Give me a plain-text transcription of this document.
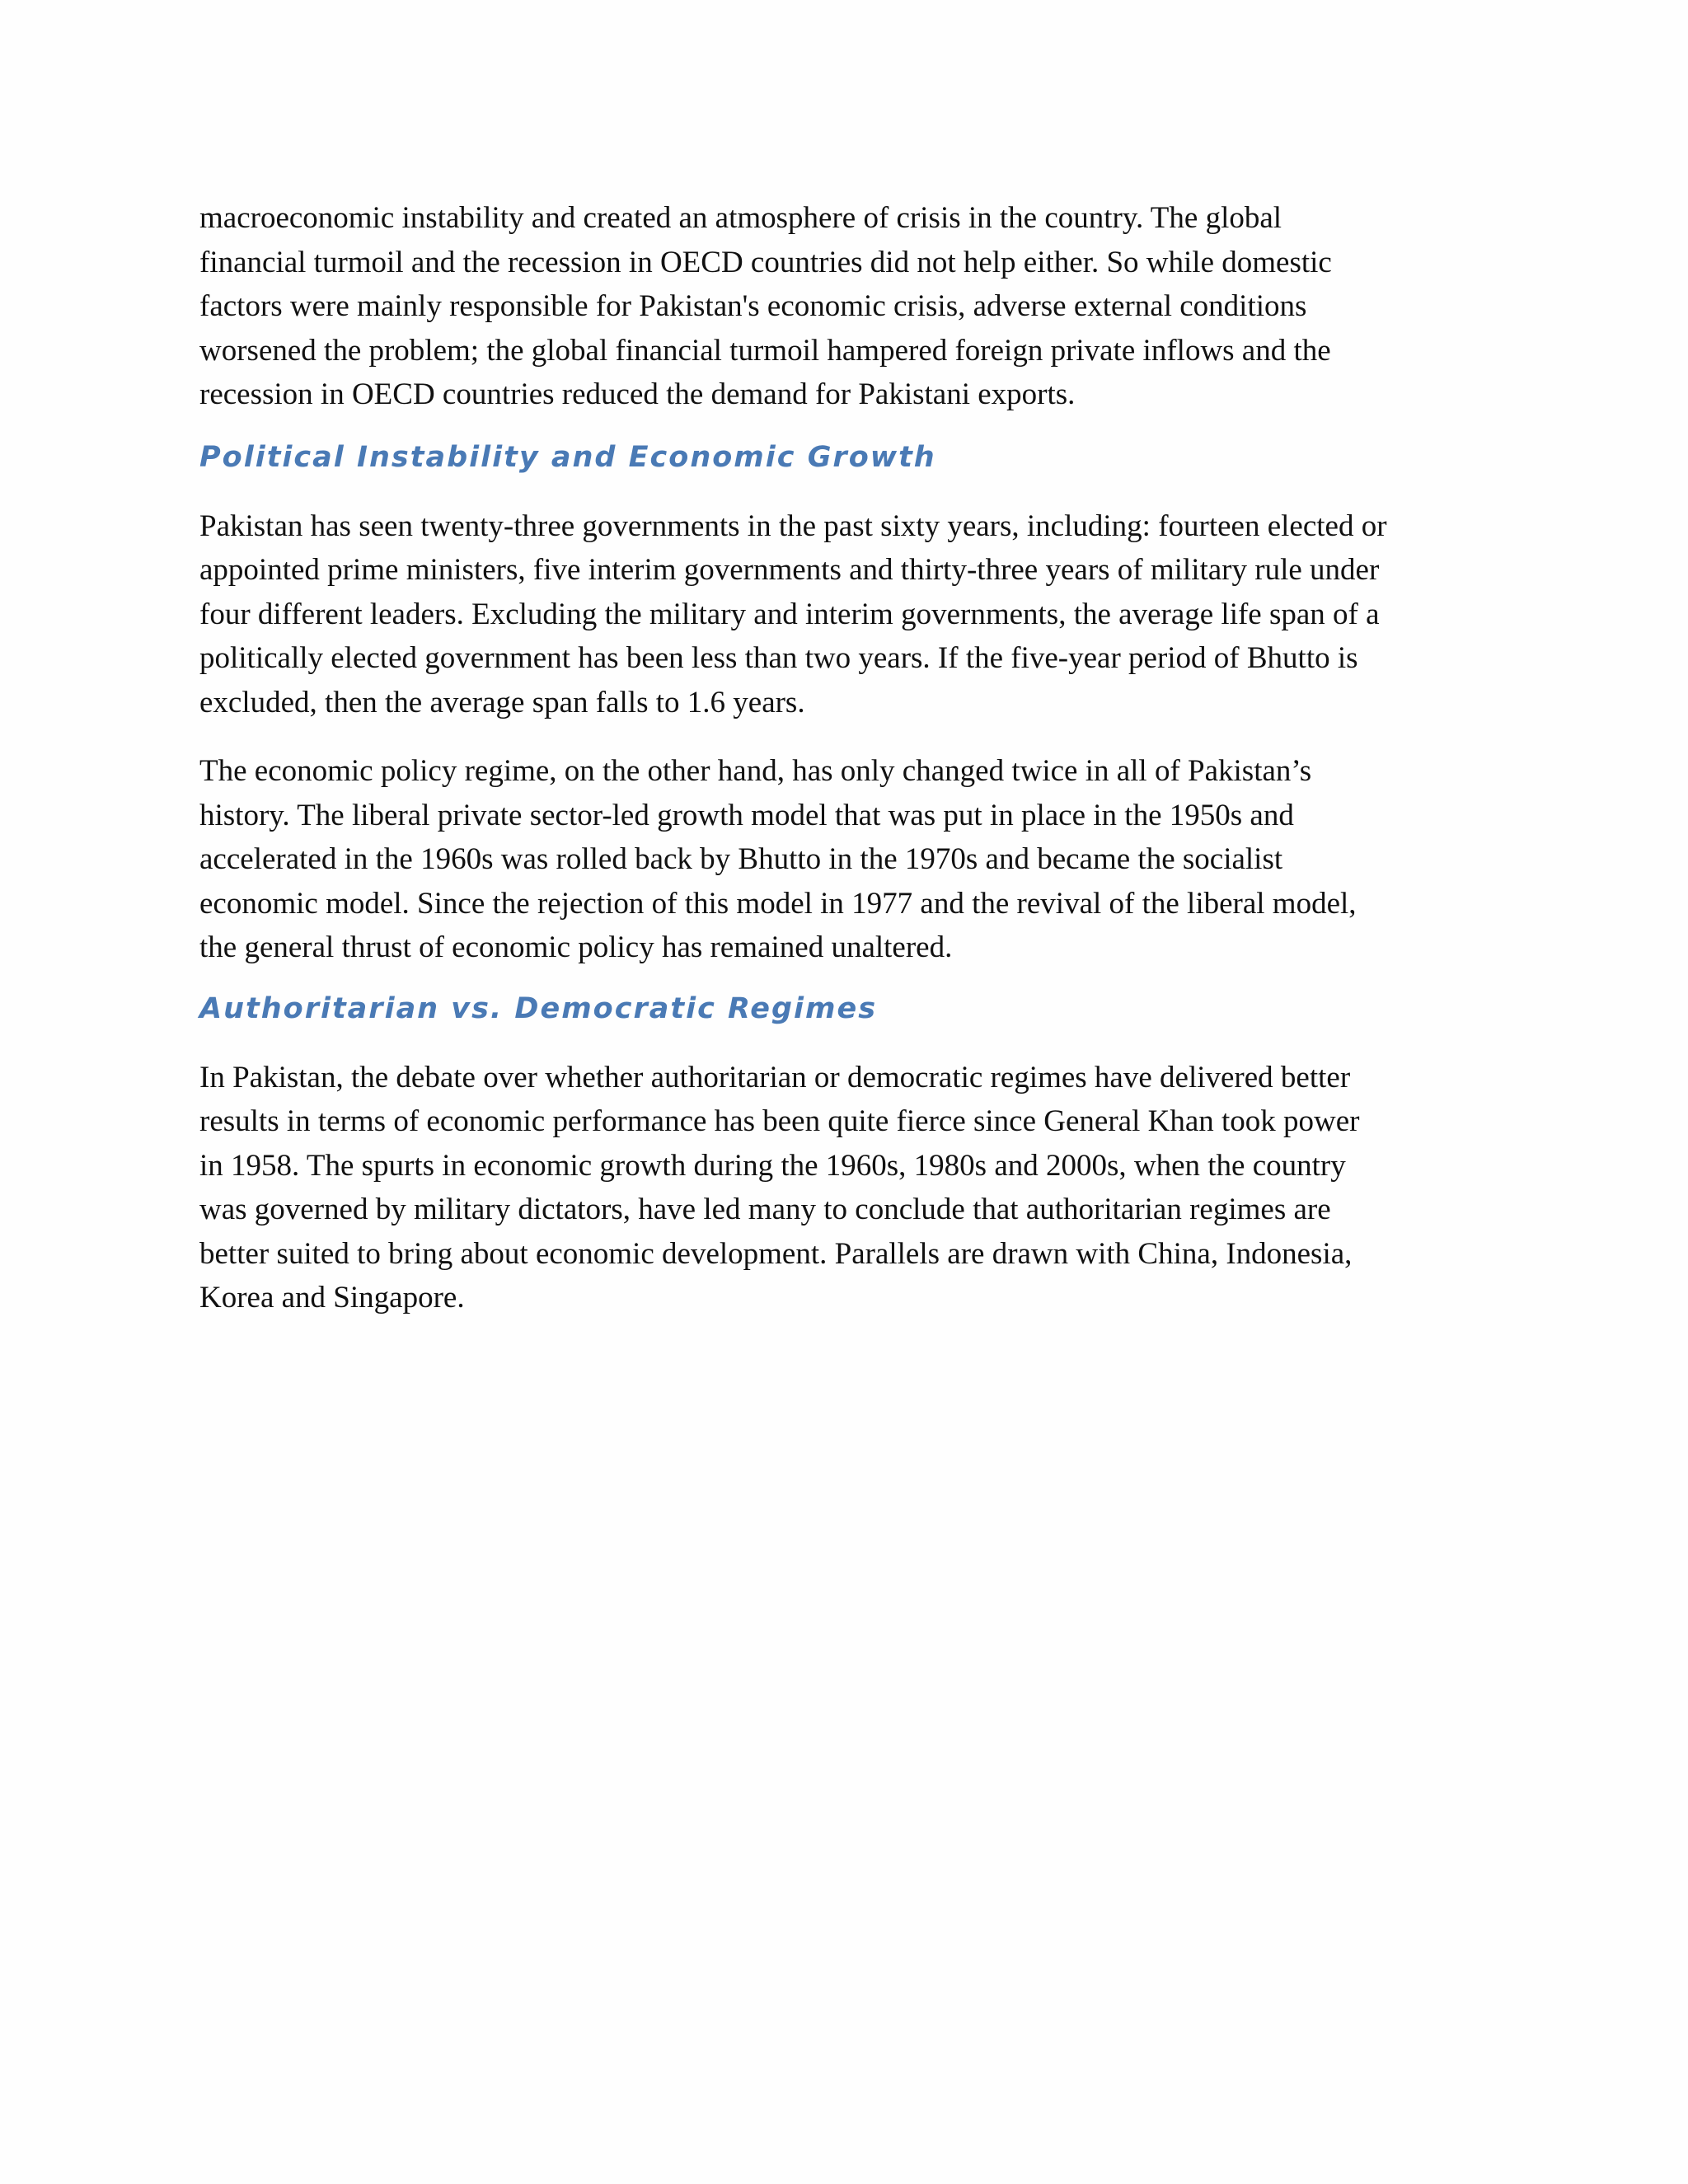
macroeconomic instability and created an atmosphere of crisis in the country. The global
financial turmoil and the recession in OECD countries did not help either. So while domestic
factors were mainly responsible for Pakistan's economic crisis, adverse external conditions
worsened the problem; the global financial turmoil hampered foreign private inflows and the
recession in OECD countries reduced the demand for Pakistani exports.

Political Instability and Economic Growth

Pakistan has seen twenty-three governments in the past sixty years, including: fourteen elected or
appointed prime ministers, five interim governments and thirty-three years of military rule under
four different leaders. Excluding the military and interim governments, the average life span of a
politically elected government has been less than two years. If the five-year period of Bhutto is
excluded, then the average span falls to 1.6 years.

The economic policy regime, on the other hand, has only changed twice in all of Pakistan’s
history. The liberal private sector-led growth model that was put in place in the 1950s and
accelerated in the 1960s was rolled back by Bhutto in the 1970s and became the socialist
economic model. Since the rejection of this model in 1977 and the revival of the liberal model,
the general thrust of economic policy has remained unaltered.

Authoritarian vs. Democratic Regimes

In Pakistan, the debate over whether authoritarian or democratic regimes have delivered better
results in terms of economic performance has been quite fierce since General Khan took power
in 1958. The spurts in economic growth during the 1960s, 1980s and 2000s, when the country
was governed by military dictators, have led many to conclude that authoritarian regimes are
better suited to bring about economic development. Parallels are drawn with China, Indonesia,
Korea and Singapore.
